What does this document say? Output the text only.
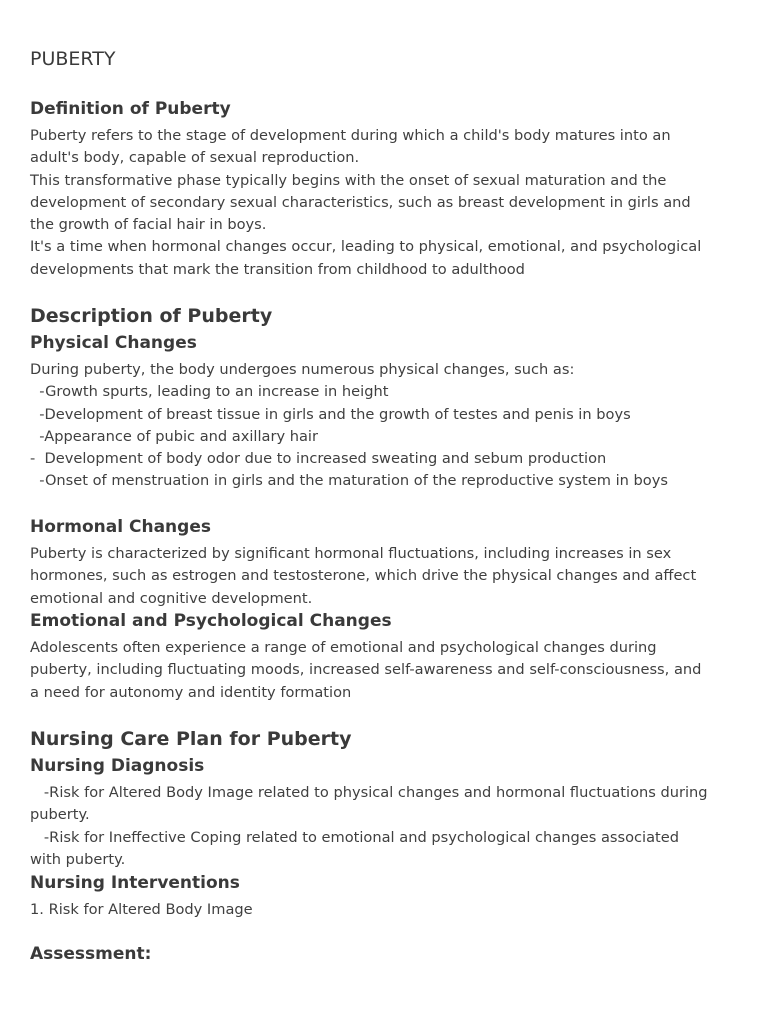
PUBERTY
Definition of Puberty
Puberty refers to the stage of development during which a child's body matures into an
adult's body, capable of sexual reproduction.
This transformative phase typically begins with the onset of sexual maturation and the
development of secondary sexual characteristics, such as breast development in girls and
the growth of facial hair in boys.
It's a time when hormonal changes occur, leading to physical, emotional, and psychological
developments that mark the transition from childhood to adulthood
Description of Puberty
Physical Changes
During puberty, the body undergoes numerous physical changes, such as:
-Growth spurts, leading to an increase in height
-Development of breast tissue in girls and the growth of testes and penis in boys
-Appearance of pubic and axillary hair
-  Development of body odor due to increased sweating and sebum production
-Onset of menstruation in girls and the maturation of the reproductive system in boys
Hormonal Changes
Puberty is characterized by significant hormonal fluctuations, including increases in sex
hormones, such as estrogen and testosterone, which drive the physical changes and affect
emotional and cognitive development.
Emotional and Psychological Changes
Adolescents often experience a range of emotional and psychological changes during
puberty, including fluctuating moods, increased self-awareness and self-consciousness, and
a need for autonomy and identity formation
Nursing Care Plan for Puberty
Nursing Diagnosis
-Risk for Altered Body Image related to physical changes and hormonal fluctuations during
puberty.
-Risk for Ineffective Coping related to emotional and psychological changes associated
with puberty.
Nursing Interventions
1. Risk for Altered Body Image
Assessment:
